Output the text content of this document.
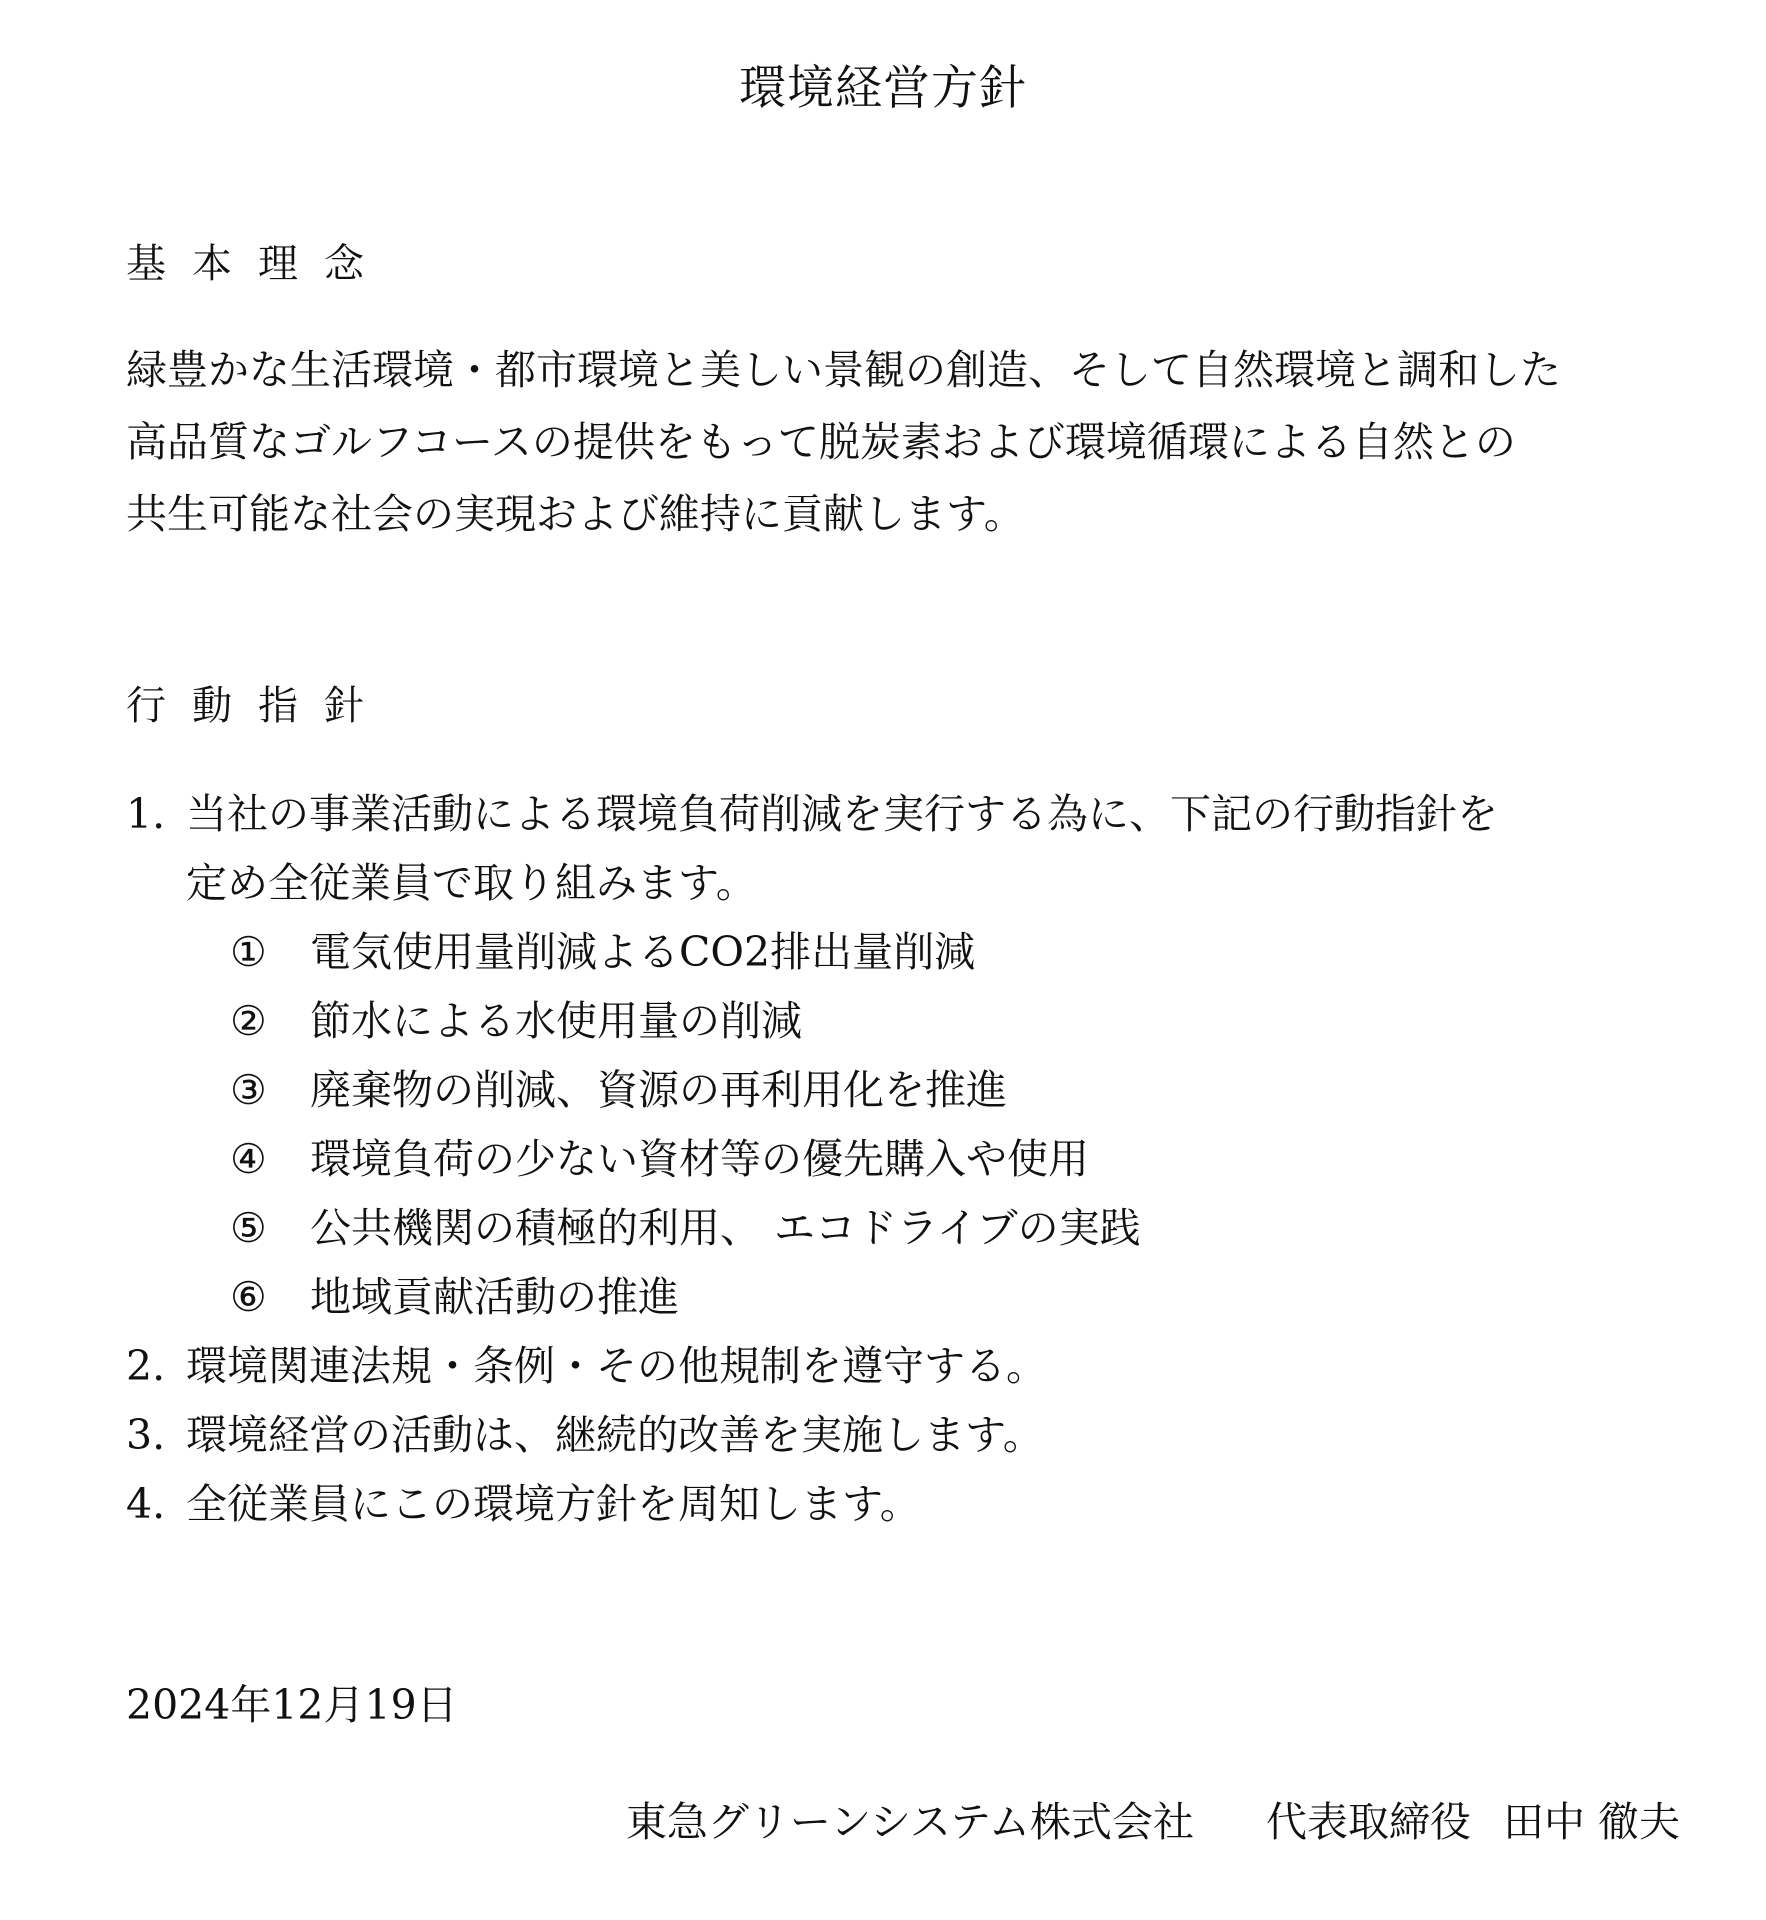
環境経営方針
基本理念
緑豊かな生活環境・都市環境と美しい景観の創造、そして自然環境と調和した
高品質なゴルフコースの提供をもって脱炭素および環境循環による自然との
共生可能な社会の実現および維持に貢献します。
行動指針
1. 当社の事業活動による環境負荷削減を実行する為に、下記の行動指針を
定め全従業員で取り組みます。
①	電気使用量削減よるCO2排出量削減
②	節水による水使用量の削減
③	廃棄物の削減、資源の再利用化を推進
④	環境負荷の少ない資材等の優先購入や使用
⑤	公共機関の積極的利用、 エコドライブの実践
⑥	地域貢献活動の推進
2. 環境関連法規・条例・その他規制を遵守する。
3. 環境経営の活動は、継続的改善を実施します。
4. 全従業員にこの環境方針を周知します。
2024年12月19日
東急グリーンシステム株式会社 代表取締役 田中 徹夫
